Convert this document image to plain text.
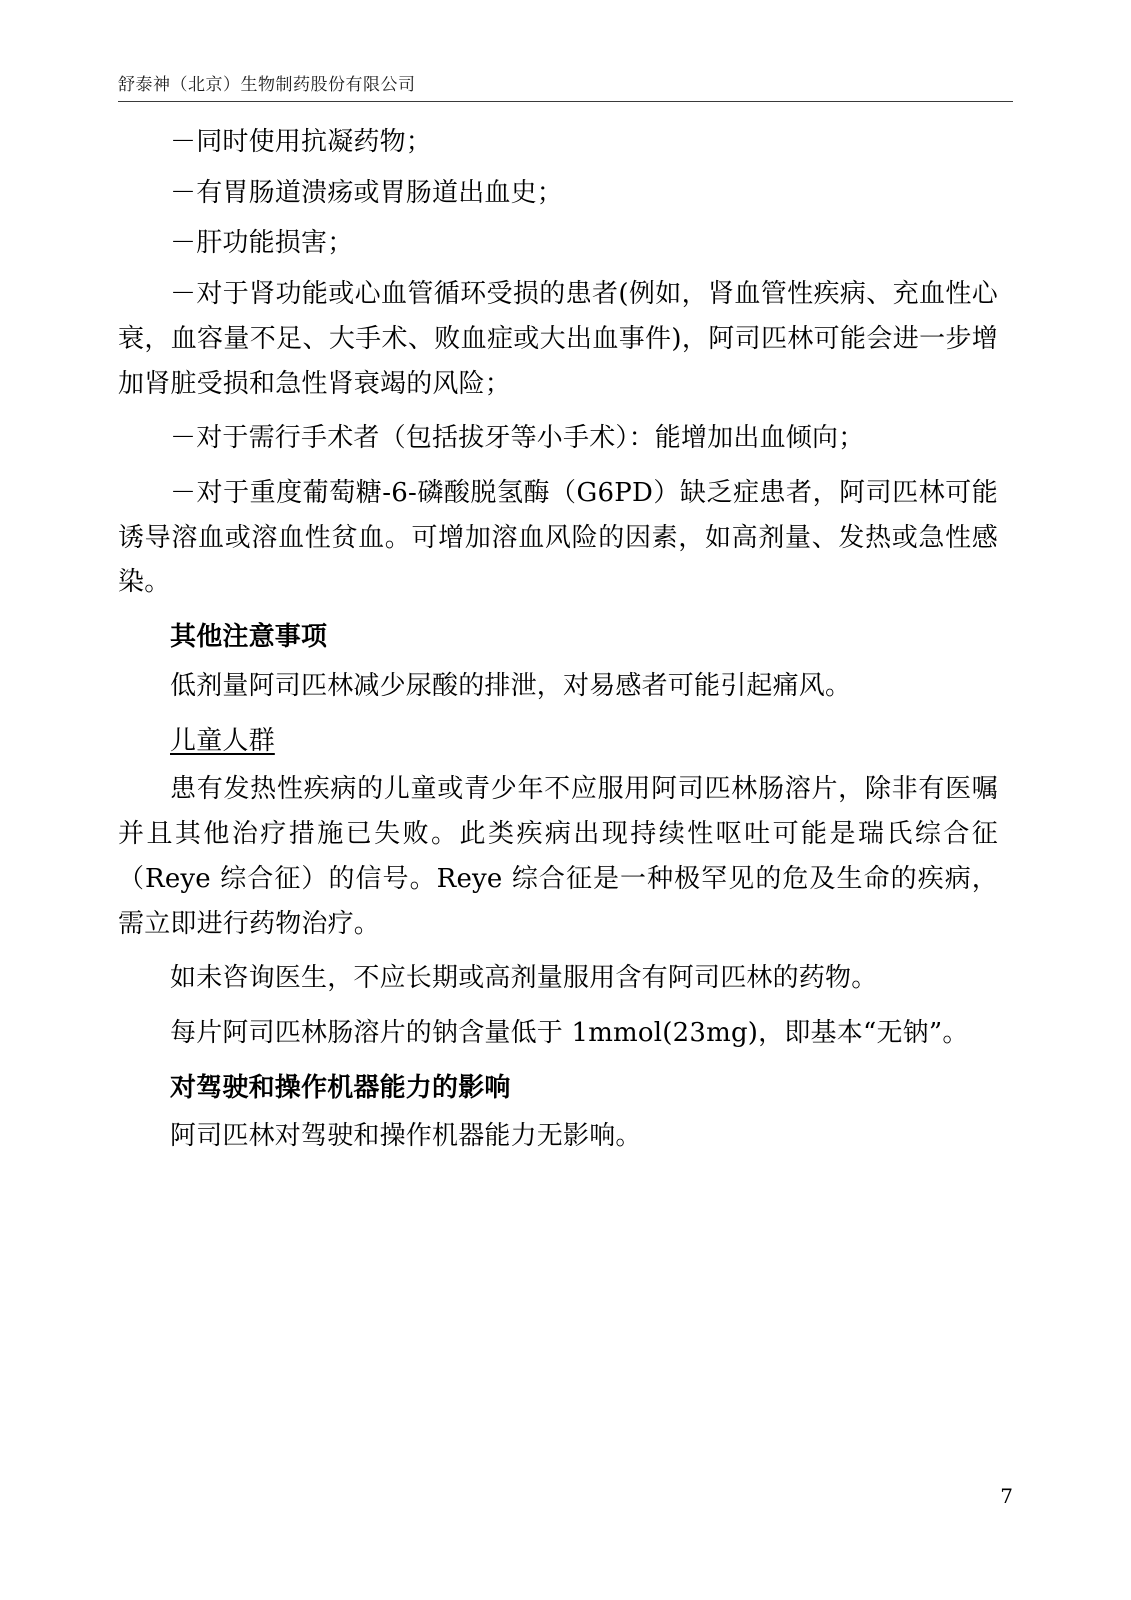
舒泰神（北京）生物制药股份有限公司

－同时使用抗凝药物；

－有胃肠道溃疡或胃肠道出血史；

－肝功能损害；

－对于肾功能或心血管循环受损的患者(例如，肾血管性疾病、充血性心衰，血容量不足、大手术、败血症或大出血事件)，阿司匹林可能会进一步增加肾脏受损和急性肾衰竭的风险；

－对于需行手术者（包括拔牙等小手术）：能增加出血倾向；

－对于重度葡萄糖-6-磷酸脱氢酶（G6PD）缺乏症患者，阿司匹林可能诱导溶血或溶血性贫血。可增加溶血风险的因素，如高剂量、发热或急性感染。

其他注意事项

低剂量阿司匹林减少尿酸的排泄，对易感者可能引起痛风。

儿童人群

患有发热性疾病的儿童或青少年不应服用阿司匹林肠溶片，除非有医嘱并且其他治疗措施已失败。此类疾病出现持续性呕吐可能是瑞氏综合征（Reye 综合征）的信号。Reye 综合征是一种极罕见的危及生命的疾病，需立即进行药物治疗。

如未咨询医生，不应长期或高剂量服用含有阿司匹林的药物。

每片阿司匹林肠溶片的钠含量低于 1mmol(23mg)，即基本“无钠”。

对驾驶和操作机器能力的影响

阿司匹林对驾驶和操作机器能力无影响。

7
